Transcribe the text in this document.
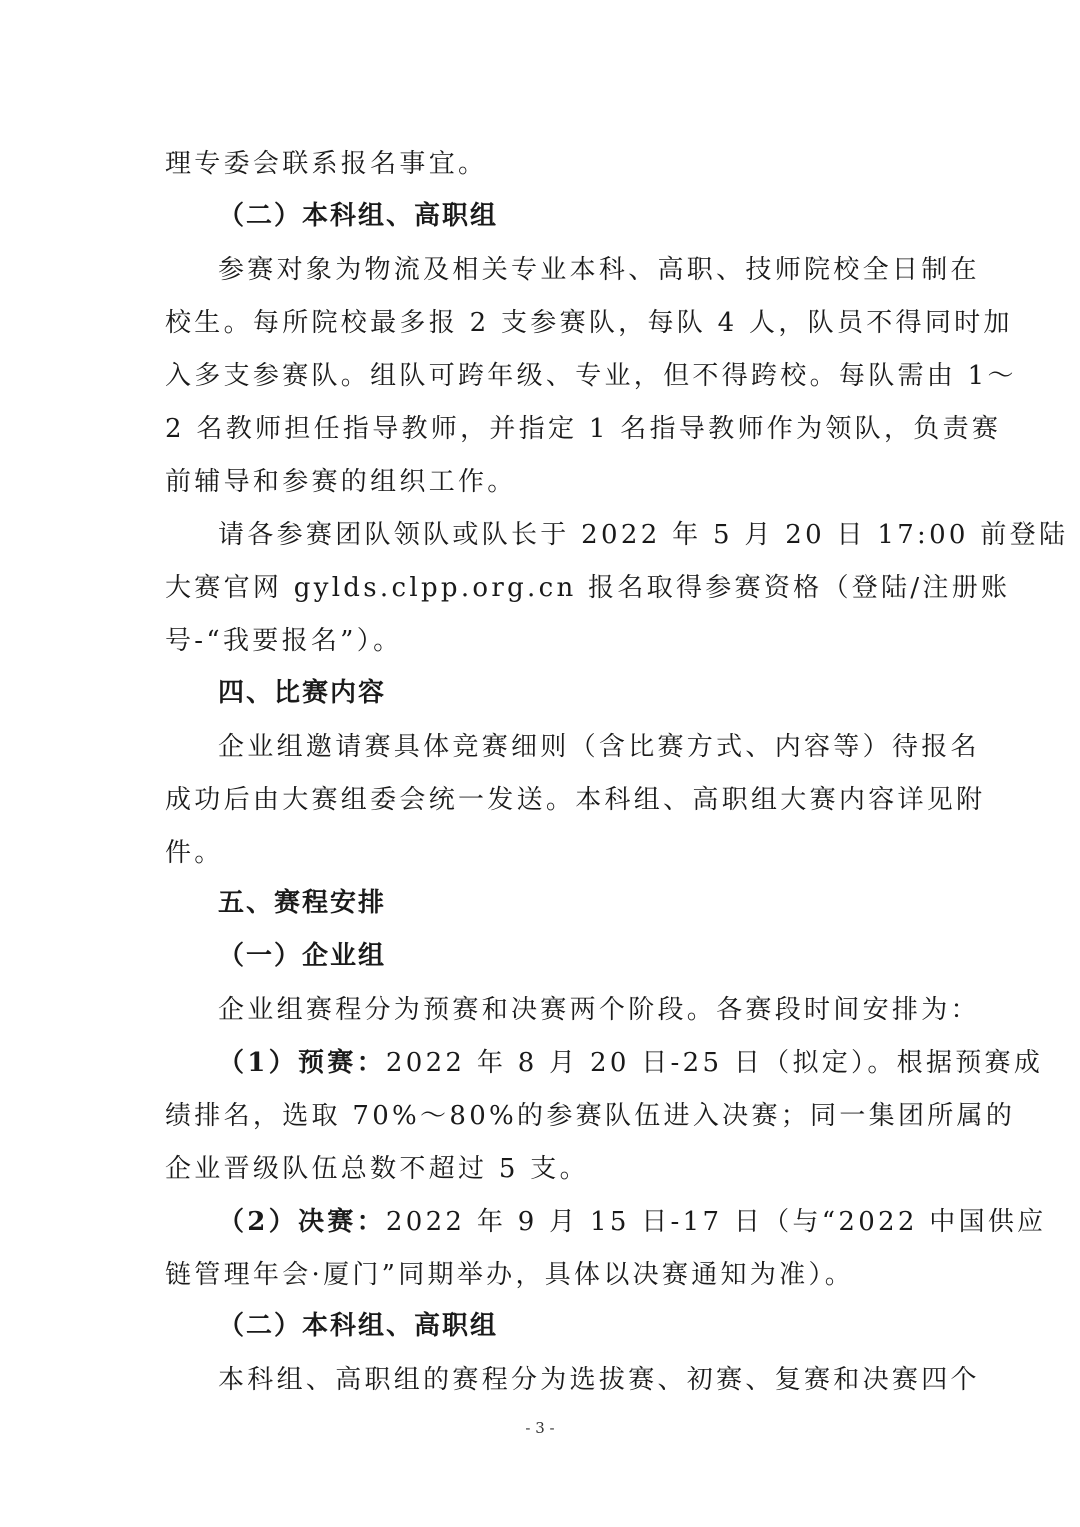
理专委会联系报名事宜。
（二）本科组、高职组
参赛对象为物流及相关专业本科、高职、技师院校全日制在
校生。每所院校最多报 2 支参赛队，每队 4 人，队员不得同时加
入多支参赛队。组队可跨年级、专业，但不得跨校。每队需由 1～
2 名教师担任指导教师，并指定 1 名指导教师作为领队，负责赛
前辅导和参赛的组织工作。
请各参赛团队领队或队长于 2022 年 5 月 20 日 17:00 前登陆
大赛官网 gylds.clpp.org.cn 报名取得参赛资格（登陆/注册账
号-“我要报名”）。
四、比赛内容
企业组邀请赛具体竞赛细则（含比赛方式、内容等）待报名
成功后由大赛组委会统一发送。本科组、高职组大赛内容详见附
件。
五、赛程安排
（一）企业组
企业组赛程分为预赛和决赛两个阶段。各赛段时间安排为：
（1）预赛：2022 年 8 月 20 日-25 日（拟定）。根据预赛成
绩排名，选取 70%～80%的参赛队伍进入决赛；同一集团所属的
企业晋级队伍总数不超过 5 支。
（2）决赛：2022 年 9 月 15 日-17 日（与“2022 中国供应
链管理年会·厦门”同期举办，具体以决赛通知为准）。
（二）本科组、高职组
本科组、高职组的赛程分为选拔赛、初赛、复赛和决赛四个
- 3 -
